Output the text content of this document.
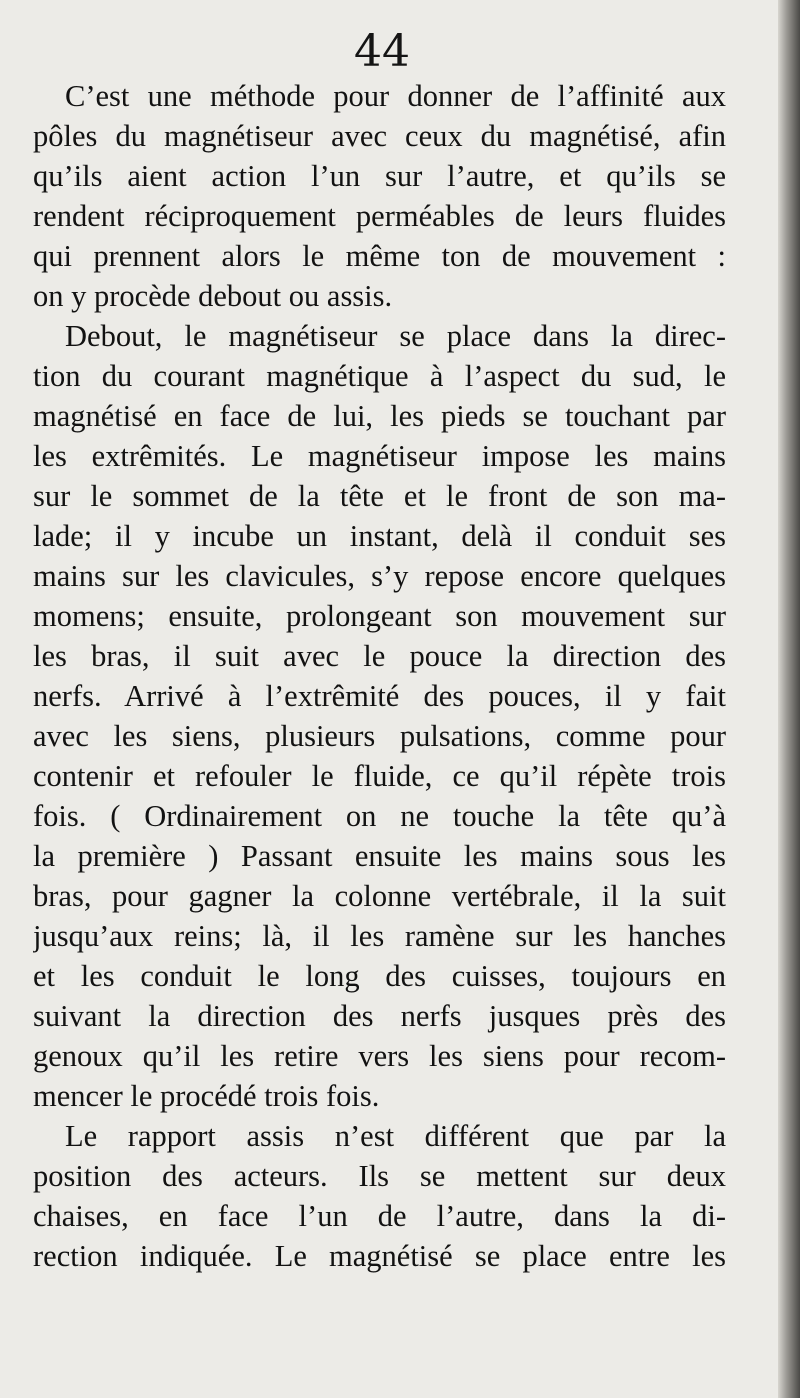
44
C’est une méthode pour donner de l’affinité aux
pôles du magnétiseur avec ceux du magnétisé, afin
qu’ils aient action l’un sur l’autre, et qu’ils se
rendent réciproquement perméables de leurs fluides
qui prennent alors le même ton de mouvement :
on y procède debout ou assis.
Debout, le magnétiseur se place dans la direc-
tion du courant magnétique à l’aspect du sud, le
magnétisé en face de lui, les pieds se touchant par
les extrêmités. Le magnétiseur impose les mains
sur le sommet de la tête et le front de son ma-
lade; il y incube un instant, delà il conduit ses
mains sur les clavicules, s’y repose encore quelques
momens; ensuite, prolongeant son mouvement sur
les bras, il suit avec le pouce la direction des
nerfs. Arrivé à l’extrêmité des pouces, il y fait
avec les siens, plusieurs pulsations, comme pour
contenir et refouler le fluide, ce qu’il répète trois
fois. ( Ordinairement on ne touche la tête qu’à
la première ) Passant ensuite les mains sous les
bras, pour gagner la colonne vertébrale, il la suit
jusqu’aux reins; là, il les ramène sur les hanches
et les conduit le long des cuisses, toujours en
suivant la direction des nerfs jusques près des
genoux qu’il les retire vers les siens pour recom-
mencer le procédé trois fois.
Le rapport assis n’est différent que par la
position des acteurs. Ils se mettent sur deux
chaises, en face l’un de l’autre, dans la di-
rection indiquée. Le magnétisé se place entre les
